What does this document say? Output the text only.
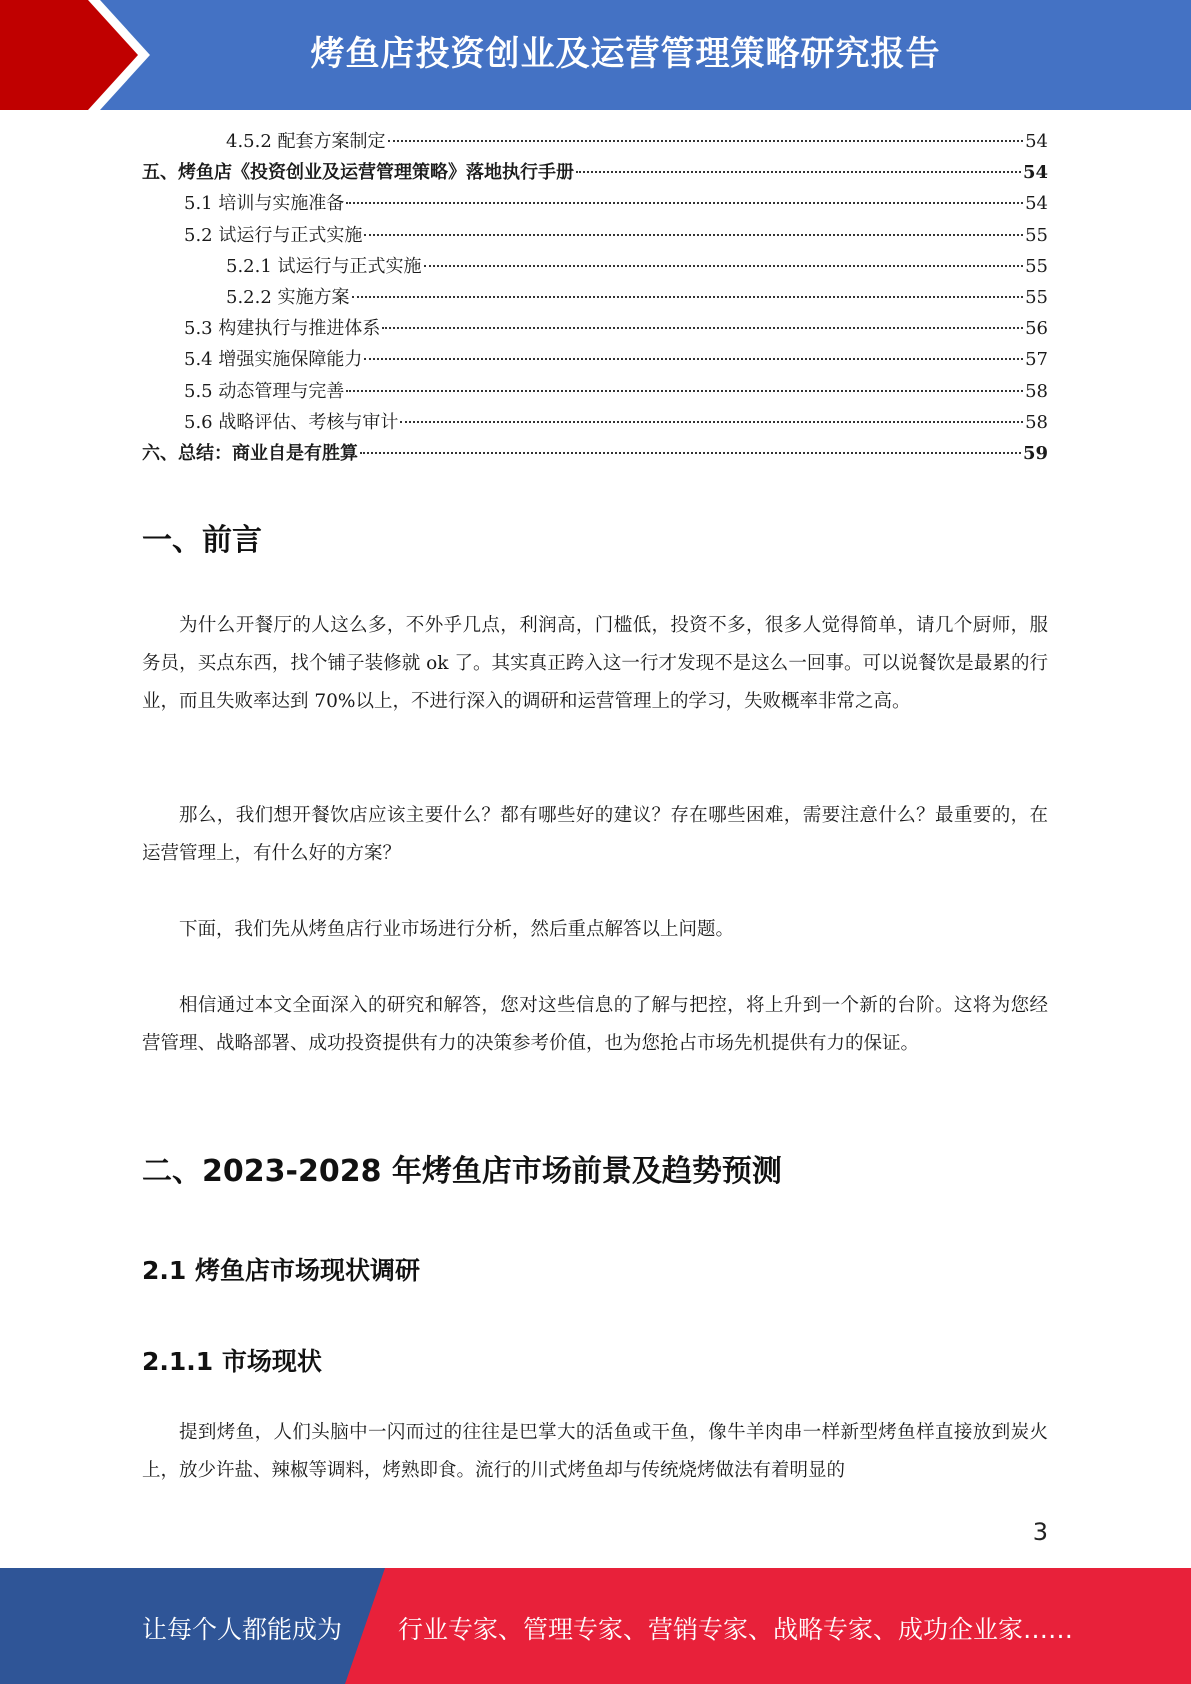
烤鱼店投资创业及运营管理策略研究报告
4.5.2 配套方案制定	54
五、烤鱼店《投资创业及运营管理策略》落地执行手册	54
5.1 培训与实施准备	54
5.2 试运行与正式实施	55
5.2.1 试运行与正式实施	55
5.2.2 实施方案	55
5.3 构建执行与推进体系	56
5.4 增强实施保障能力	57
5.5 动态管理与完善	58
5.6 战略评估、考核与审计	58
六、总结：商业自是有胜算	59
一、前言
为什么开餐厅的人这么多，不外乎几点，利润高，门槛低，投资不多，很多人觉得简单，请几个厨师，服务员，买点东西，找个铺子装修就 ok 了。其实真正跨入这一行才发现不是这么一回事。可以说餐饮是最累的行业，而且失败率达到 70%以上，不进行深入的调研和运营管理上的学习，失败概率非常之高。
那么，我们想开餐饮店应该主要什么？都有哪些好的建议？存在哪些困难，需要注意什么？最重要的，在运营管理上，有什么好的方案？
下面，我们先从烤鱼店行业市场进行分析，然后重点解答以上问题。
相信通过本文全面深入的研究和解答，您对这些信息的了解与把控，将上升到一个新的台阶。这将为您经营管理、战略部署、成功投资提供有力的决策参考价值，也为您抢占市场先机提供有力的保证。
二、2023-2028 年烤鱼店市场前景及趋势预测
2.1 烤鱼店市场现状调研
2.1.1 市场现状
提到烤鱼，人们头脑中一闪而过的往往是巴掌大的活鱼或干鱼，像牛羊肉串一样新型烤鱼样直接放到炭火上，放少许盐、辣椒等调料，烤熟即食。流行的川式烤鱼却与传统烧烤做法有着明显的
3
让每个人都能成为 行业专家、管理专家、营销专家、战略专家、成功企业家……
